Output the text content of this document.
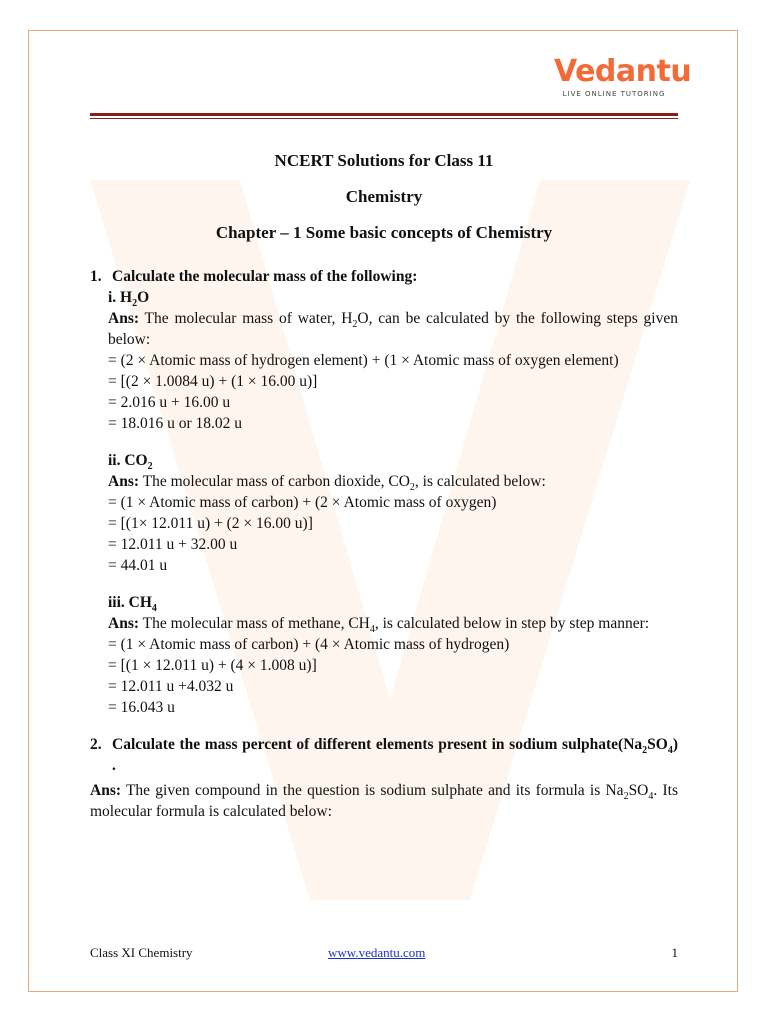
Vedantu
LIVE ONLINE TUTORING
NCERT Solutions for Class 11
Chemistry
Chapter – 1 Some basic concepts of Chemistry
1. Calculate the molecular mass of the following:
i. $H_2O$
Ans: The molecular mass of water, $H_2O$, can be calculated by the following steps given below:
= (2 × Atomic mass of hydrogen element) + (1 × Atomic mass of oxygen element)
= [(2 × 1.0084 u) + (1 × 16.00 u)]
= 2.016 u + 16.00 u
= 18.016 u or 18.02 u
ii. $CO_2$
Ans: The molecular mass of carbon dioxide, $CO_2$, is calculated below:
= (1 × Atomic mass of carbon) + (2 × Atomic mass of oxygen)
= [(1× 12.011 u) + (2 × 16.00 u)]
= 12.011 u + 32.00 u
= 44.01 u
iii. $CH_4$
Ans: The molecular mass of methane, $CH_4$, is calculated below in step by step manner:
= (1 × Atomic mass of carbon) + (4 × Atomic mass of hydrogen)
= [(1 × 12.011 u) + (4 × 1.008 u)]
= 12.011 u +4.032 u
= 16.043 u
2. Calculate the mass percent of different elements present in sodium $sulphate(Na_2SO_4)$ .
Ans: The given compound in the question is sodium sulphate and its formula is $Na_2SO_4$. Its molecular formula is calculated below:
Class XI Chemistry	www.vedantu.com	1
